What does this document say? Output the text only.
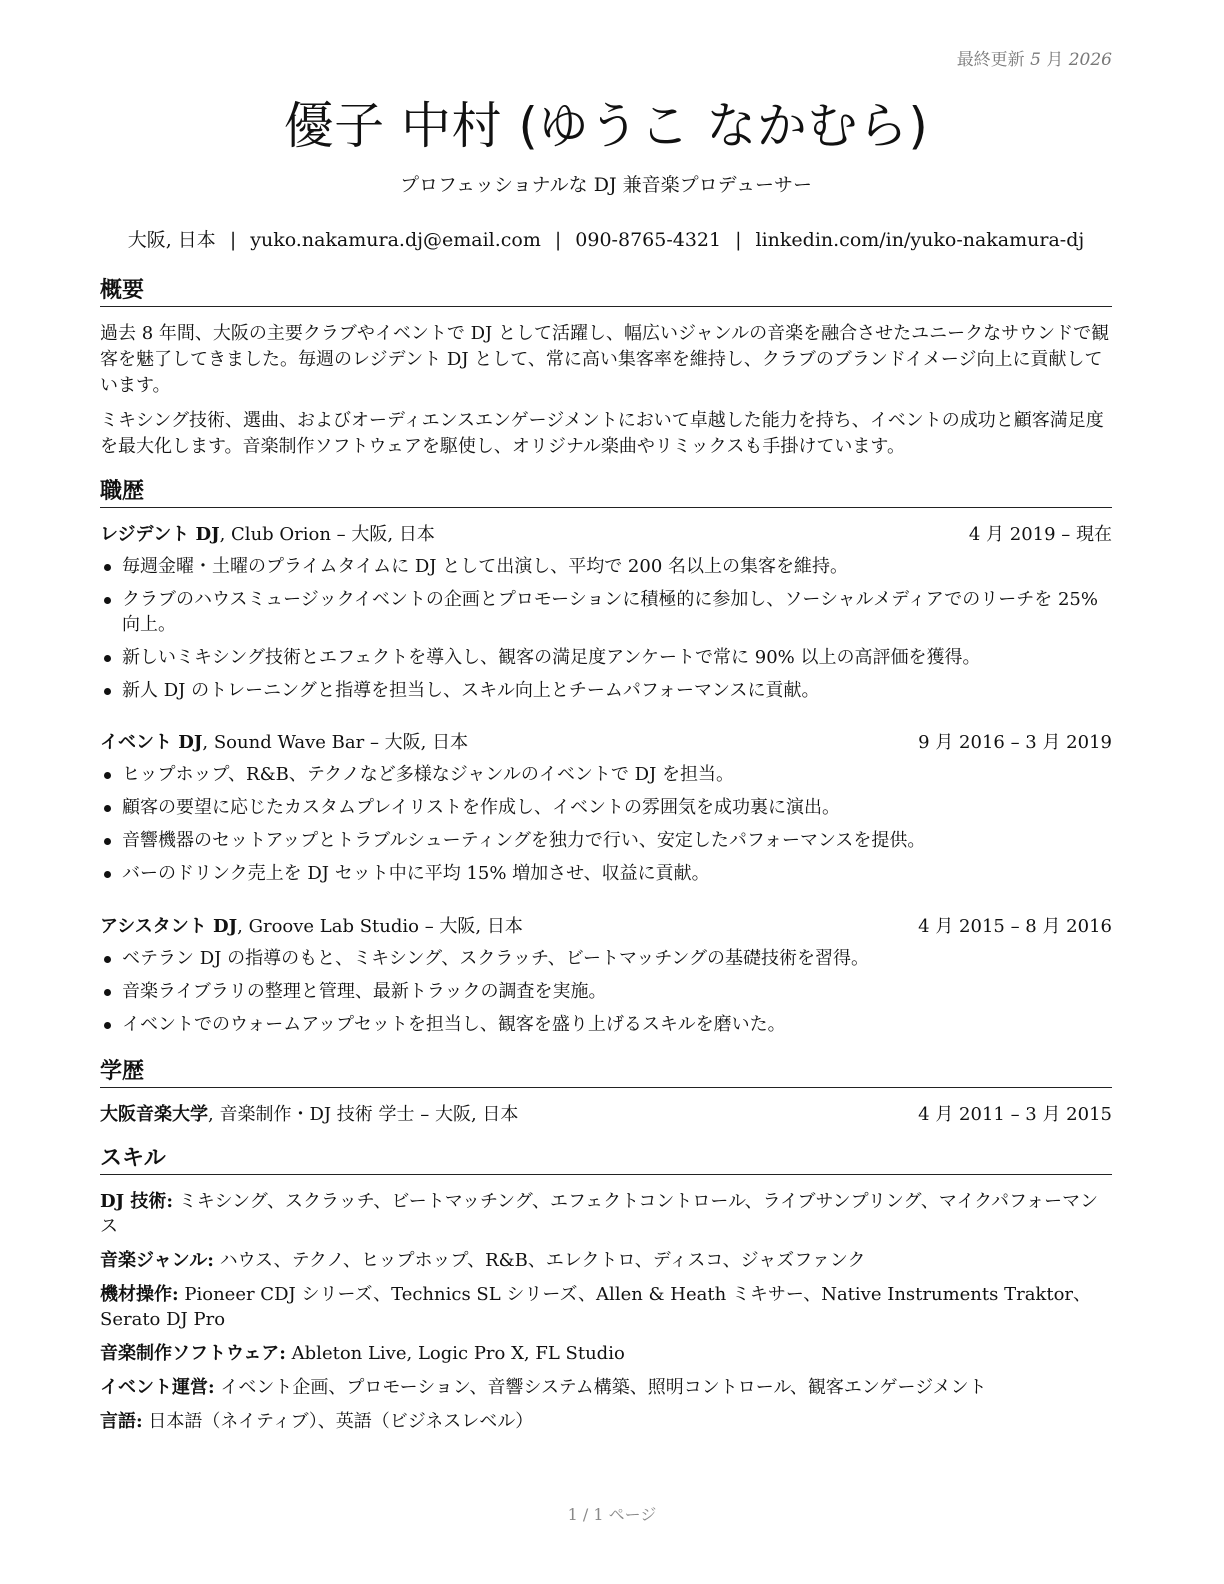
最終更新 5 月 2026
優子 中村 (ゆうこ なかむら)
プロフェッショナルな DJ 兼音楽プロデューサー
大阪, 日本 | yuko.nakamura.dj@email.com | 090-8765-4321 | linkedin.com/in/yuko-nakamura-dj
概要
過去 8 年間、大阪の主要クラブやイベントで DJ として活躍し、幅広いジャンルの音楽を融合させたユニークなサウンドで観客を魅了してきました。毎週のレジデント DJ として、常に高い集客率を維持し、クラブのブランドイメージ向上に貢献しています。
ミキシング技術、選曲、およびオーディエンスエンゲージメントにおいて卓越した能力を持ち、イベントの成功と顧客満足度を最大化します。音楽制作ソフトウェアを駆使し、オリジナル楽曲やリミックスも手掛けています。
職歴
レジデント DJ, Club Orion – 大阪, 日本	4 月 2019 – 現在
毎週金曜・土曜のプライムタイムに DJ として出演し、平均で 200 名以上の集客を維持。
クラブのハウスミュージックイベントの企画とプロモーションに積極的に参加し、ソーシャルメディアでのリーチを 25% 向上。
新しいミキシング技術とエフェクトを導入し、観客の満足度アンケートで常に 90% 以上の高評価を獲得。
新人 DJ のトレーニングと指導を担当し、スキル向上とチームパフォーマンスに貢献。
イベント DJ, Sound Wave Bar – 大阪, 日本	9 月 2016 – 3 月 2019
ヒップホップ、R&B、テクノなど多様なジャンルのイベントで DJ を担当。
顧客の要望に応じたカスタムプレイリストを作成し、イベントの雰囲気を成功裏に演出。
音響機器のセットアップとトラブルシューティングを独力で行い、安定したパフォーマンスを提供。
バーのドリンク売上を DJ セット中に平均 15% 増加させ、収益に貢献。
アシスタント DJ, Groove Lab Studio – 大阪, 日本	4 月 2015 – 8 月 2016
ベテラン DJ の指導のもと、ミキシング、スクラッチ、ビートマッチングの基礎技術を習得。
音楽ライブラリの整理と管理、最新トラックの調査を実施。
イベントでのウォームアップセットを担当し、観客を盛り上げるスキルを磨いた。
学歴
大阪音楽大学, 音楽制作・DJ 技術 学士 – 大阪, 日本	4 月 2011 – 3 月 2015
スキル
DJ 技術: ミキシング、スクラッチ、ビートマッチング、エフェクトコントロール、ライブサンプリング、マイクパフォーマンス
音楽ジャンル: ハウス、テクノ、ヒップホップ、R&B、エレクトロ、ディスコ、ジャズファンク
機材操作: Pioneer CDJ シリーズ、Technics SL シリーズ、Allen & Heath ミキサー、Native Instruments Traktor、Serato DJ Pro
音楽制作ソフトウェア: Ableton Live, Logic Pro X, FL Studio
イベント運営: イベント企画、プロモーション、音響システム構築、照明コントロール、観客エンゲージメント
言語: 日本語（ネイティブ）、英語（ビジネスレベル）
1 / 1 ページ
